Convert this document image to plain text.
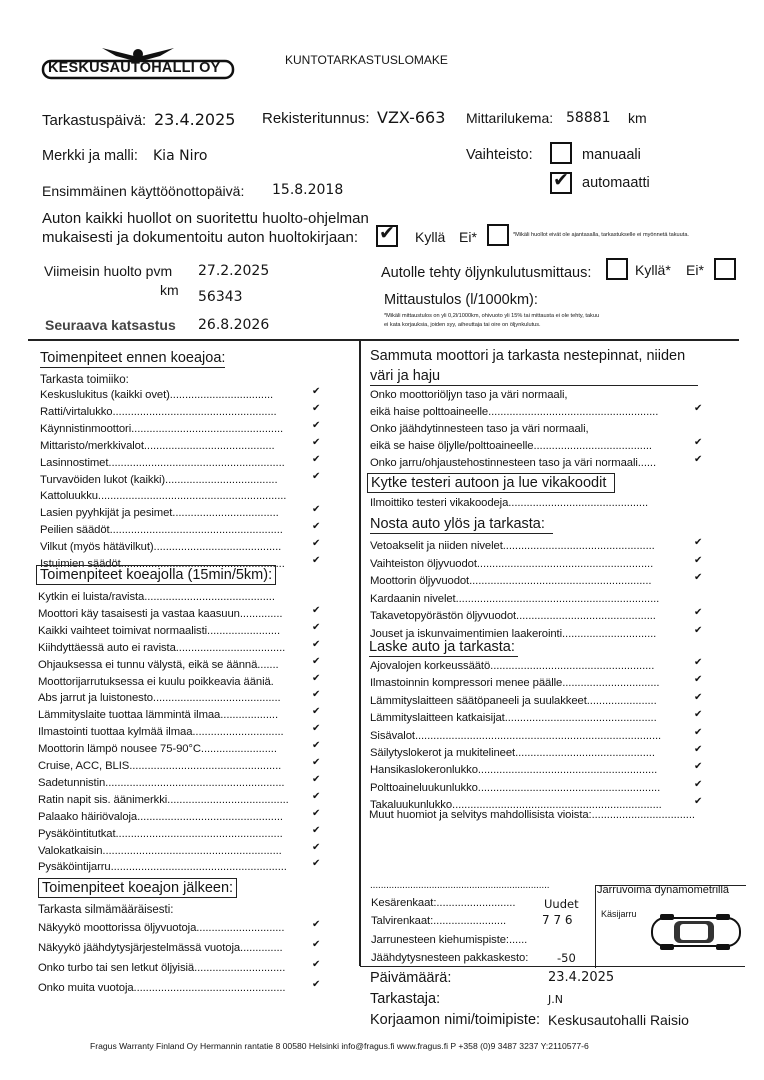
KESKUSAUTOHALLI OY	KUNTOTARKASTUSLOMAKE
Tarkastuspäivä: 23.4.2025 Rekisteritunnus: VZX-663 Mittarilukema: 58881 km
Merkki ja malli: Kia Niro	Vaihteisto:	manuaali
✔ automaatti
Ensimmäinen käyttöönottopäivä: 15.8.2018
Auton kaikki huollot on suoritettu huolto-ohjelman
mukaisesti ja dokumentoitu auton huoltokirjaan: ✔ Kyllä Ei*	*Mikäli huollot eivät ole ajantasalla, tarkastukselle ei myönnetä takuuta.
Viimeisin huolto pvm 27.2.2025
km 56343
Autolle tehty öljynkulutusmittaus:	Kyllä* Ei*
Mittaustulos (l/1000km):
*Mikäli mittaustulos on yli 0,2l/1000km, ohivuoto yli 15% tai mittausta ei ole tehty, takuu
ei kata korjauksia, joiden syy, aiheuttaja tai oire on öljynkulutus.
Seuraava katsastus 26.8.2026
Toimenpiteet ennen koeajoa:
Tarkasta toimiiko:
Keskuslukitus (kaikki ovet)..................................	✔
Ratti/virtalukko......................................................	✔
Käynnistinmoottori..................................................	✔
Mittaristo/merkkivalot...........................................	✔
Lasinnostimet..........................................................	✔
Turvavöiden lukot (kaikki).....................................	✔
Kattoluukku..............................................................
Lasien pyyhkijät ja pesimet...................................	✔
Peilien säädöt.........................................................	✔
Vilkut (myös hätävilkut)..........................................	✔
Istuimien säädöt......................................................	✔
Toimenpiteet koeajolla (15min/5km):
Kytkin ei luista/ravista...........................................
Moottori käy tasaisesti ja vastaa kaasuun..............	✔
Kaikki vaihteet toimivat normaalisti........................	✔
Kiihdyttäessä auto ei ravista....................................	✔
Ohjauksessa ei tunnu välystä, eikä se äännä.......	✔
Moottorijarrutuksessa ei kuulu poikkeavia ääniä.	✔
Abs jarrut ja luistonesto..........................................	✔
Lämmityslaite tuottaa lämmintä ilmaa...................	✔
Ilmastointi tuottaa kylmää ilmaa..............................	✔
Moottorin lämpö nousee 75-90°C.........................	✔
Cruise, ACC, BLIS..................................................	✔
Sadetunnistin...........................................................	✔
Ratin napit sis. äänimerkki........................................ ✔
Palaako häiriövaloja................................................	✔
Pysäköintitutkat.......................................................	✔
Valokatkaisin...........................................................	✔
Pysäköintijarru..........................................................	✔
Toimenpiteet koeajon jälkeen:
Tarkasta silmämääräisesti:
Näkyykö moottorissa öljyvuotoja.............................	✔
Näkyykö jäähdytysjärjestelmässä vuotoja..............	✔
Onko turbo tai sen letkut öljyisiä..............................	✔
Onko muita vuotoja..................................................	✔
Sammuta moottori ja tarkasta nestepinnat, niiden
väri ja haju
Onko moottoriöljyn taso ja väri normaali,
eikä haise polttoaineelle........................................................	✔
Onko jäähdytinnesteen taso ja väri normaali,
eikä se haise öljylle/polttoaineelle.......................................	✔
Onko jarru/ohjaustehostinnesteen taso ja väri normaali......	✔
Kytke testeri autoon ja lue vikakoodit
Ilmoittiko testeri vikakoodeja..............................................
Nosta auto ylös ja tarkasta:
Vetoakselit ja niiden nivelet..................................................	✔
Vaihteiston öljyvuodot..........................................................	✔
Moottorin öljyvuodot............................................................	✔
Kardaanin nivelet...................................................................
Takavetopyörästön öljyvuodot..............................................	✔
Jouset ja iskunvaimentimien laakerointi...............................	✔
Laske auto ja tarkasta:
Ajovalojen korkeussäätö......................................................	✔
Ilmastoinnin kompressori menee päälle................................	✔
Lämmityslaitteen säätöpaneeli ja suulakkeet.......................	✔
Lämmityslaitteen katkaisijat..................................................	✔
Sisävalot.................................................................................	✔
Säilytyslokerot ja mukitelineet..............................................	✔
Hansikaslokeronlukko...........................................................	✔
Polttoaineluukunlukko............................................................	✔
Takaluukunlukko.....................................................................	✔
Muut huomiot ja selvitys mahdollisista vioista:..................................
...................................................................	Jarruvoima dynamometrillä
Käsijarru
Kesärenkaat:.......................... Uudet
Talvirenkaat:........................	7 7 6
Jarrunesteen kiehumispiste:......
Jäähdytysnesteen pakkaskesto:	-50
Päivämäärä:	23.4.2025
Tarkastaja:	J.N
Korjaamon nimi/toimipiste: Keskusautohalli Raisio
Fragus Warranty Finland Oy Hermannin rantatie 8 00580 Helsinki info@fragus.fi www.fragus.fi P +358 (0)9 3487 3237 Y:2110577-6
